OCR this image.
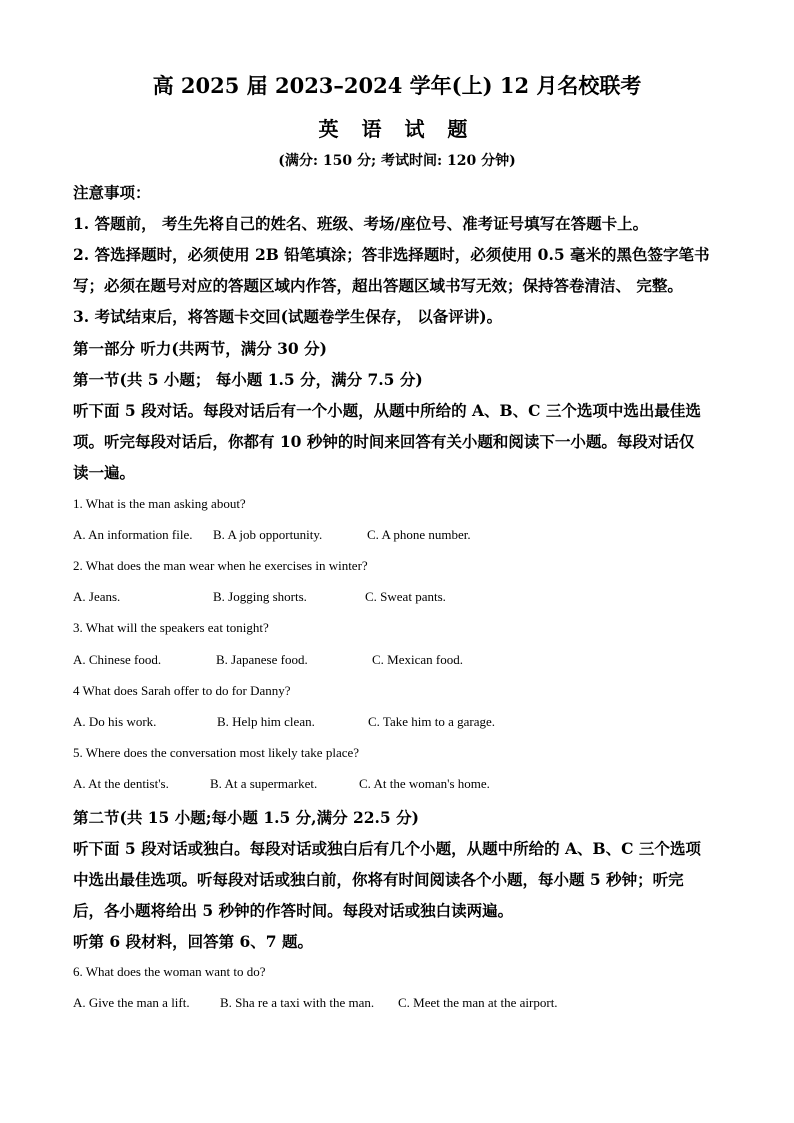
高 2025 届 2023–2024 学年(上) 12 月名校联考
英 语 试 题
(满分: 150 分; 考试时间: 120 分钟)
注意事项：
1. 答题前， 考生先将自己的姓名、班级、考场/座位号、准考证号填写在答题卡上。
2. 答选择题时，必须使用 2B 铅笔填涂；答非选择题时，必须使用 0.5 毫米的黑色签字笔书
写；必须在题号对应的答题区域内作答，超出答题区域书写无效；保持答卷清洁、 完整。
3. 考试结束后，将答题卡交回(试题卷学生保存， 以备评讲)。
第一部分 听力(共两节，满分 30 分)
第一节(共 5 小题； 每小题 1.5 分，满分 7.5 分)
听下面 5 段对话。每段对话后有一个小题，从题中所给的 A、B、C 三个选项中选出最佳选
项。听完每段对话后，你都有 10 秒钟的时间来回答有关小题和阅读下一小题。每段对话仅
读一遍。
1. What is the man asking about?
A. An information file. B. A job opportunity.	C. A phone number.
2. What does the man wear when he exercises in winter?
A. Jeans.	B. Jogging shorts.	C. Sweat pants.
3. What will the speakers eat tonight?
A. Chinese food.	B. Japanese food.	C. Mexican food.
4 What does Sarah offer to do for Danny?
A. Do his work.	B. Help him clean.	C. Take him to a garage.
5. Where does the conversation most likely take place?
A. At the dentist's.	B. At a supermarket.	C. At the woman's home.
第二节(共 15 小题;每小题 1.5 分,满分 22.5 分)
听下面 5 段对话或独白。每段对话或独白后有几个小题，从题中所给的 A、B、C 三个选项
中选出最佳选项。听每段对话或独白前，你将有时间阅读各个小题，每小题 5 秒钟；听完
后，各小题将给出 5 秒钟的作答时间。每段对话或独白读两遍。
听第 6 段材料，回答第 6、7 题。
6. What does the woman want to do?
A. Give the man a lift. B. Sha re a taxi with the man. C. Meet the man at the airport.
